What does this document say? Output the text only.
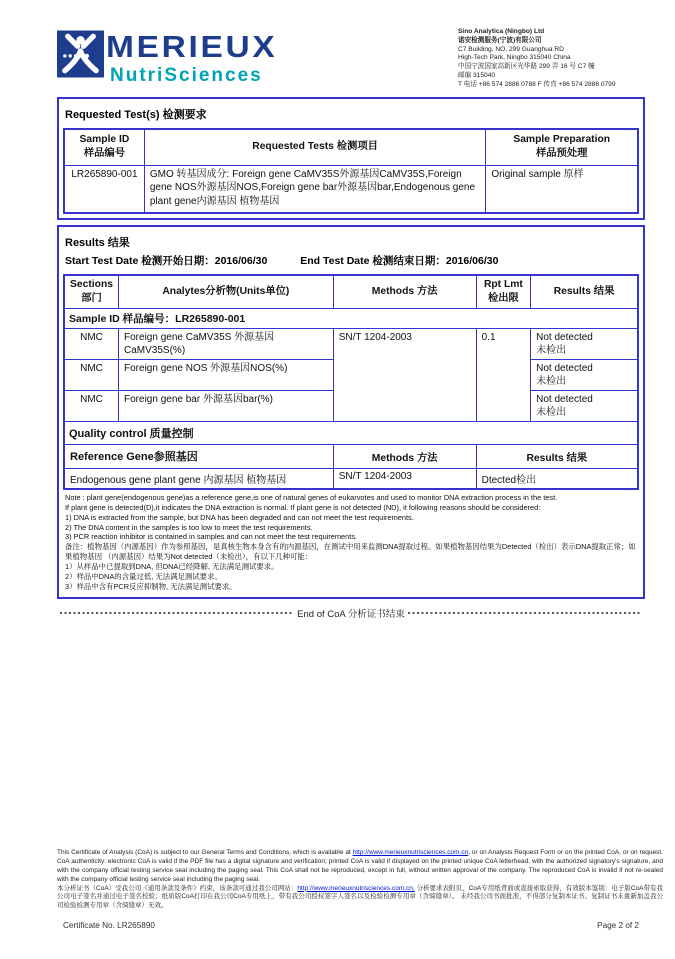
MERIEUX
NutriSciences
Sino Analytica (Ningbo) Ltd
诺安检测服务(宁波)有限公司
C7 Building, NO. 299 Guanghua RD
High-Tech Park, Ningbo 315040 China
中国宁波国家高新区光华路 299 弄 16 号 C7 幢
邮编 315040
T 电话 +86 574 2886 0788 F 传真 +86 574 2886 0799
Requested Test(s) 检测要求
Sample ID
样品编号	Requested Tests 检测项目	Sample Preparation
样品预处理

LR265890-001	GMO 转基因成分: Foreign gene CaMV35S外源基因CaMV35S,Foreign gene NOS外源基因NOS,Foreign gene bar外源基因bar,Endogenous gene plant gene内源基因 植物基因	Original sample 原样
Results 结果
Start Test Date 检测开始日期：2016/06/30	End Test Date 检测结束日期：2016/06/30
Sections
部门	Analytes分析物(Units单位)	Methods 方法	Rpt Lmt
检出限	Results 结果

Sample ID 样品编号：LR265890-001				
NMC	Foreign gene CaMV35S 外源基因CaMV35S(%)	SN/T 1204-2003	0.1	Not detected
未检出

NMC	Foreign gene NOS 外源基因NOS(%)			Not detected
未检出

NMC	Foreign gene bar 外源基因bar(%)			Not detected
未检出

Quality control 质量控制				
Reference Gene参照基因		Methods 方法	Results 结果	
Endogenous gene plant gene 内源基因 植物基因		SN/T 1204-2003	Dtected检出	
Note : plant gene(endogenous gene)as a reference gene,is one of natural genes of eukarvotes and used to monitor DNA extraction process in the test.
If plant gene is detected(D),it indicates the DNA extraction is normal. If plant gene is not detected (ND), it following reasons should be considered:
1) DNA is extracted from the sample, but DNA has been degraded and can not meet the test requirements.
2) The DNA content in the samples is too low to meet the test requirements.
3) PCR reaction inhibitor is contained in samples and can not meet the test requirements.
备注：植物基因（内源基因）作为参照基因，是真核生物本身含有的内源基因，在测试中用来监测DNA提取过程。如果植物基因结果为Detected（检出）表示DNA提取正常；如果植物基因 （内源基因）结果为Not detected（未检出），有以下几种可能：
1）从样品中已提取到DNA, 但DNA已经降解, 无法满足测试要求。
2）样品中DNA的含量过低, 无法满足测试要求。
3）样品中含有PCR反应抑制物, 无法满足测试要求。
End of CoA 分析证书结束

This Certificate of Analysis (CoA) is subject to our General Terms and Conditions, which is available at http://www.merieuxnutrisciences.com.cn, or on Analysis Request Form or on the printed CoA, or on request. CoA authenticity: electronic CoA is valid if the PDF file has a digital signature and verification; printed CoA is valid if displayed on the printed unique CoA letterhead, with the authorized signatory's signature, and with the company official testing service seal including the paging seal. This CoA shall not be reproduced, except in full, without written approval of the company. The reproduced CoA is invalid if not re-sealed with the company official testing service seal including the paging seal.

本分析证书（CoA）受我公司《通用条款及条件》约束，该条款可通过我公司网站：http://www.merieuxnutrisciences.com.cn, 分析要求表附页、CoA专用纸背面或直接索取获得，有效版本鉴别：电子版CoA带有我公司电子签名并通过电子签名校验；纸质版CoA打印在我公司CoA专用纸上、带有我公司授权签字人签名以及检验检测专用章（含骑缝章）。 未经我公司书面批准，不得部分复制本证书、复制证书未重新加盖我公司检验检测专用章（含骑缝章）无效。

Certificate No. LR265890	Page 2 of 2
